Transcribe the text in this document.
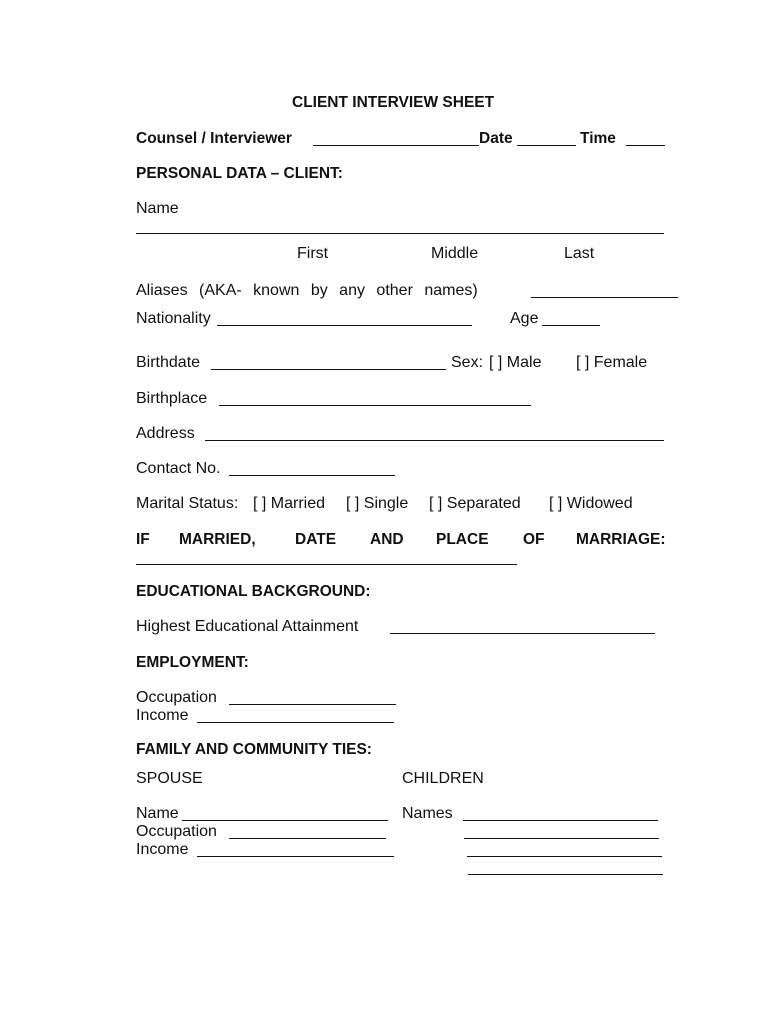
CLIENT INTERVIEW SHEET
Counsel / Interviewer	Date	Time
PERSONAL DATA – CLIENT:
Name
First	Middle	Last
Aliases (AKA- known by any other names)
Nationality	Age
Birthdate	Sex: [ ] Male [ ] Female
Birthplace
Address
Contact No.
Marital Status: [ ] Married [ ] Single [ ] Separated [ ] Widowed
IF MARRIED,	DATE AND PLACE OF MARRIAGE:
EDUCATIONAL BACKGROUND:
Highest Educational Attainment
EMPLOYMENT:
Occupation
Income
FAMILY AND COMMUNITY TIES:
SPOUSE	CHILDREN
Name
Occupation
Income
Names
